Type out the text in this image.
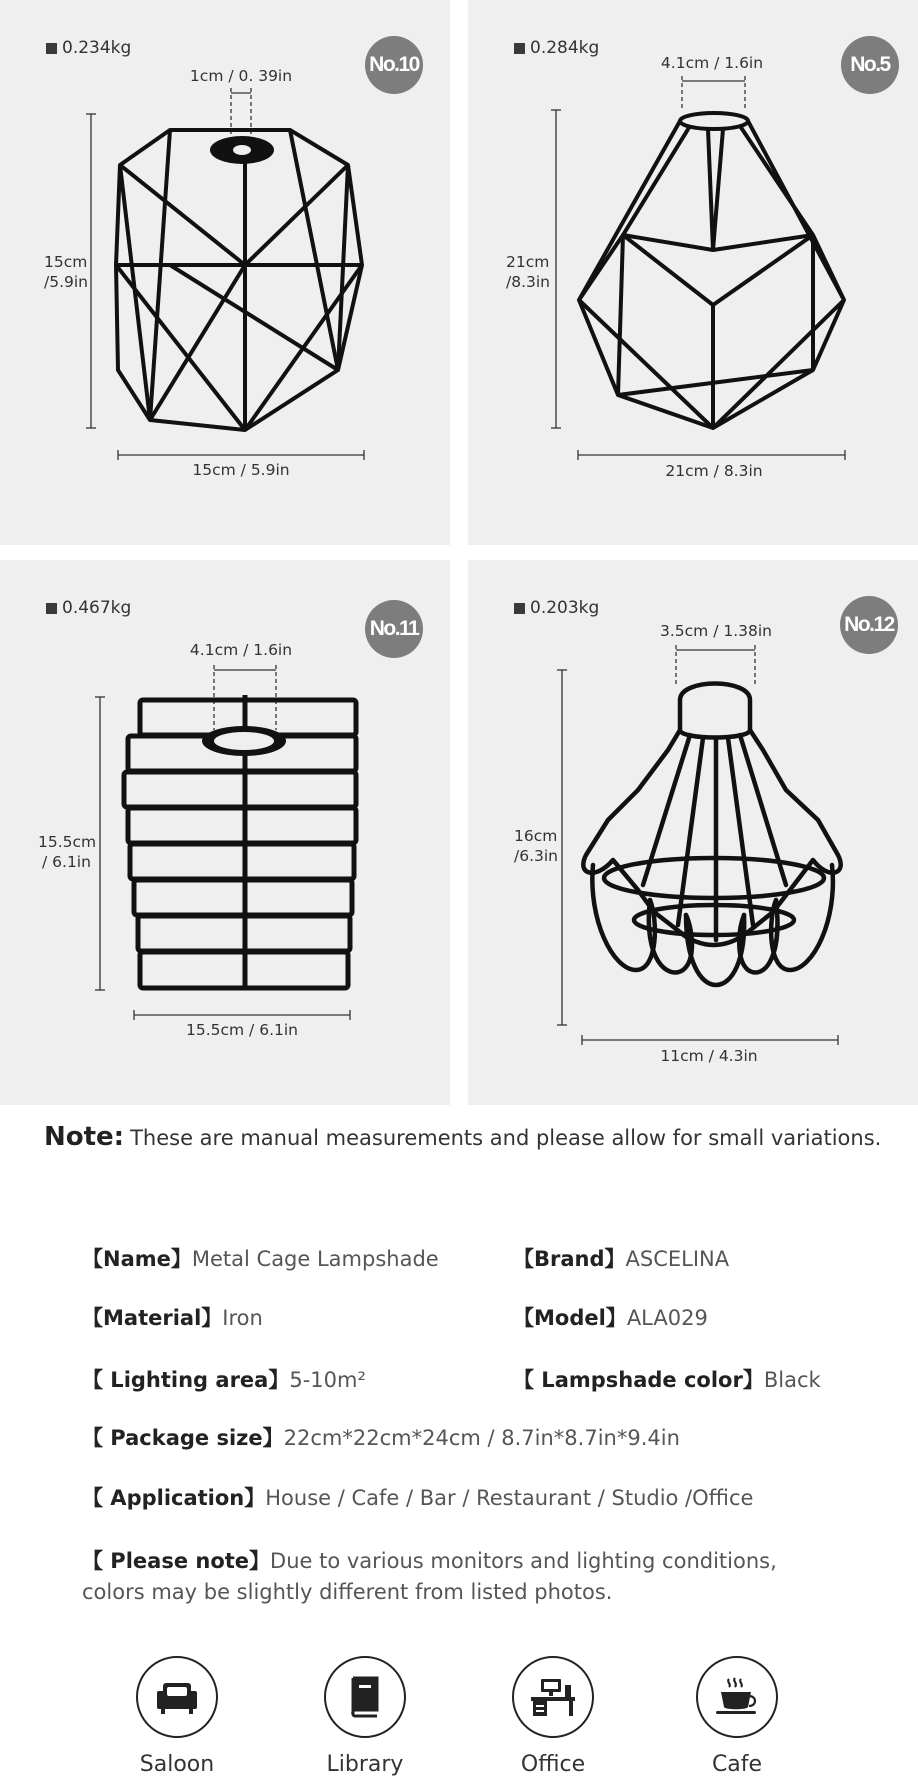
0.234kg
No.10
1cm / 0. 39in
15cm
/5.9in
15cm / 5.9in
0.284kg
No.5
4.1cm / 1.6in
21cm
/8.3in
21cm / 8.3in
0.467kg
No.11
4.1cm / 1.6in
15.5cm
/ 6.1in
15.5cm / 6.1in
0.203kg
No.12
3.5cm / 1.38in
16cm
/6.3in
11cm / 4.3in
Note: These are manual measurements and please allow for small variations.
【Name】Metal Cage Lampshade	【Brand】ASCELINA
【Material】Iron	【Model】ALA029
【 Lighting area】5-10m²	【 Lampshade color】Black
【 Package size】22cm*22cm*24cm / 8.7in*8.7in*9.4in
【 Application】House / Cafe / Bar / Restaurant / Studio /Office
【 Please note】Due to various monitors and lighting conditions, colors may be slightly different from listed photos.
Saloon	Library	Office	Cafe
